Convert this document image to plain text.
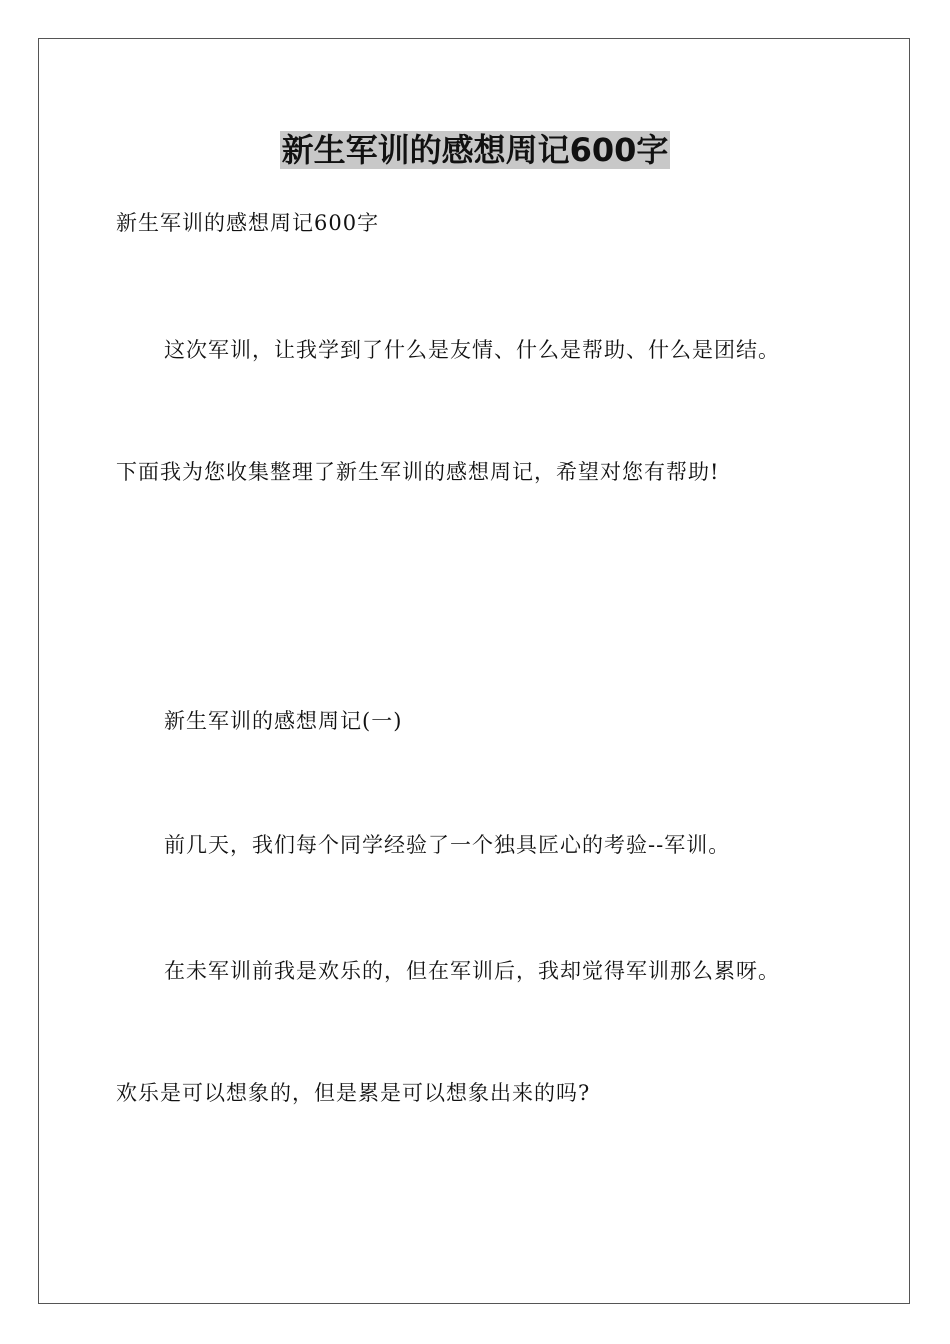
新生军训的感想周记600字

新生军训的感想周记600字

这次军训，让我学到了什么是友情、什么是帮助、什么是团结。

下面我为您收集整理了新生军训的感想周记，希望对您有帮助!

新生军训的感想周记(一)

前几天，我们每个同学经验了一个独具匠心的考验--军训。

在未军训前我是欢乐的，但在军训后，我却觉得军训那么累呀。

欢乐是可以想象的，但是累是可以想象出来的吗?
